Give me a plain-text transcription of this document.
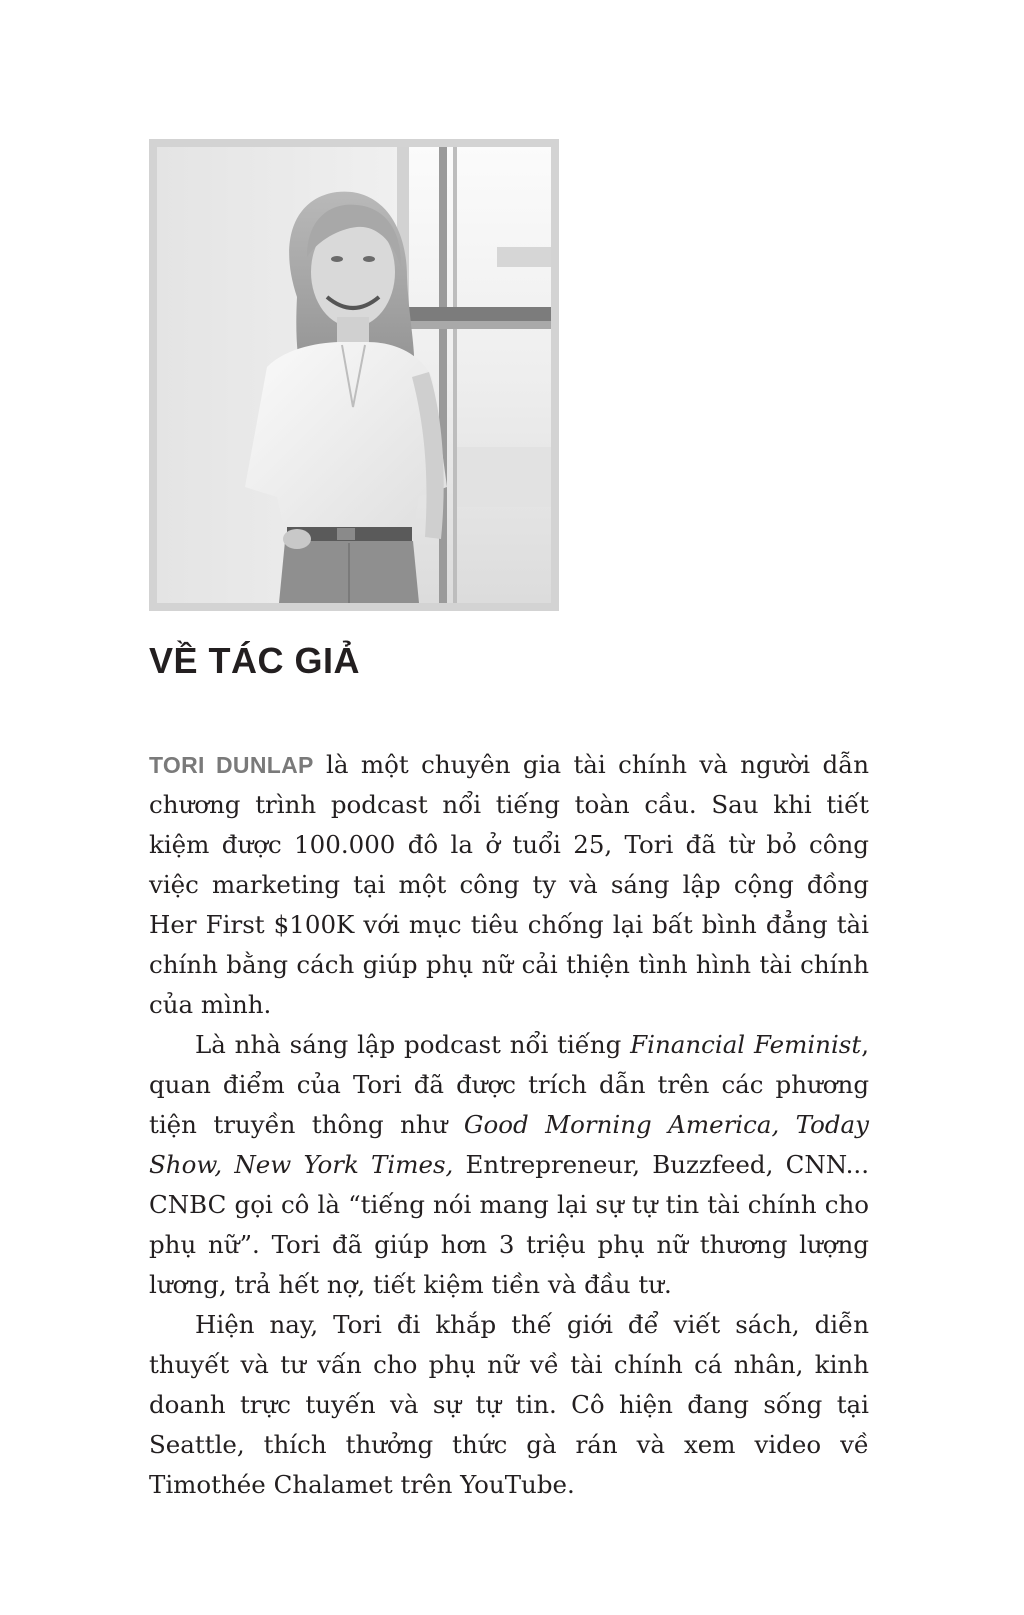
VỀ TÁC GIẢ

TORI DUNLAP là một chuyên gia tài chính và người dẫn chương trình podcast nổi tiếng toàn cầu. Sau khi tiết kiệm được 100.000 đô la ở tuổi 25, Tori đã từ bỏ công việc marketing tại một công ty và sáng lập cộng đồng Her First $100K với mục tiêu chống lại bất bình đẳng tài chính bằng cách giúp phụ nữ cải thiện tình hình tài chính của mình.

Là nhà sáng lập podcast nổi tiếng Financial Feminist, quan điểm của Tori đã được trích dẫn trên các phương tiện truyền thông như Good Morning America, Today Show, New York Times, Entrepreneur, Buzzfeed, CNN... CNBC gọi cô là “tiếng nói mang lại sự tự tin tài chính cho phụ nữ”. Tori đã giúp hơn 3 triệu phụ nữ thương lượng lương, trả hết nợ, tiết kiệm tiền và đầu tư.

Hiện nay, Tori đi khắp thế giới để viết sách, diễn thuyết và tư vấn cho phụ nữ về tài chính cá nhân, kinh doanh trực tuyến và sự tự tin. Cô hiện đang sống tại Seattle, thích thưởng thức gà rán và xem video về Timothée Chalamet trên YouTube.
